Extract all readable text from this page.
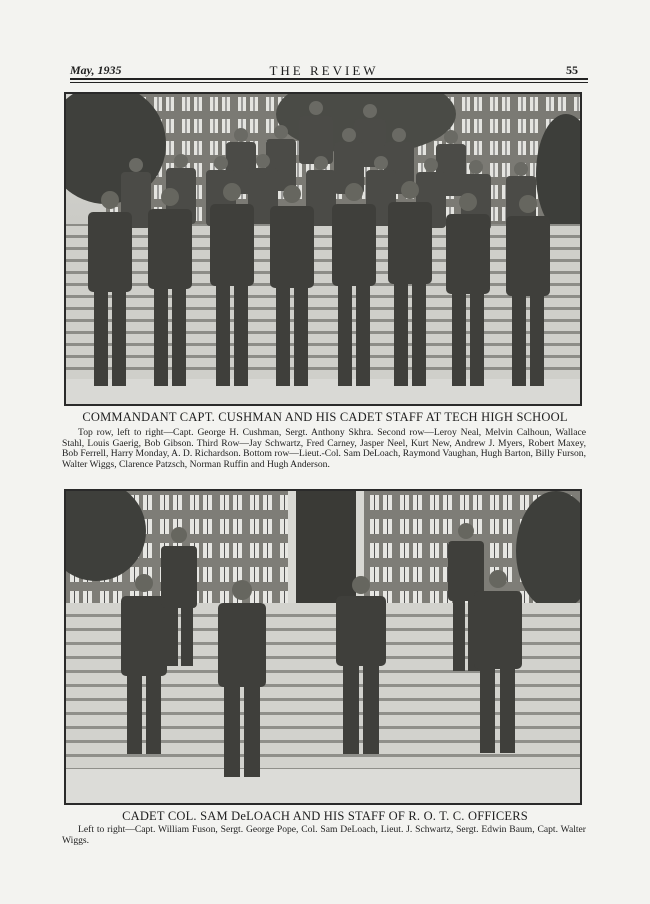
May, 1935	THE REVIEW	55
COMMANDANT CAPT. CUSHMAN AND HIS CADET STAFF AT TECH HIGH SCHOOL
Top row, left to right—Capt. George H. Cushman, Sergt. Anthony Skhra. Second row—Leroy Neal, Melvin Calhoun, Wallace Stahl, Louis Gaerig, Bob Gibson. Third Row—Jay Schwartz, Fred Carney, Jasper Neel, Kurt New, Andrew J. Myers, Robert Maxey, Bob Ferrell, Harry Monday, A. D. Richardson. Bottom row—Lieut.-Col. Sam DeLoach, Raymond Vaughan, Hugh Barton, Billy Furson, Walter Wiggs, Clarence Patzsch, Norman Ruffin and Hugh Anderson.
CADET COL. SAM DeLOACH AND HIS STAFF OF R. O. T. C. OFFICERS
Left to right—Capt. William Fuson, Sergt. George Pope, Col. Sam DeLoach, Lieut. J. Schwartz, Sergt. Edwin Baum, Capt. Walter Wiggs.
